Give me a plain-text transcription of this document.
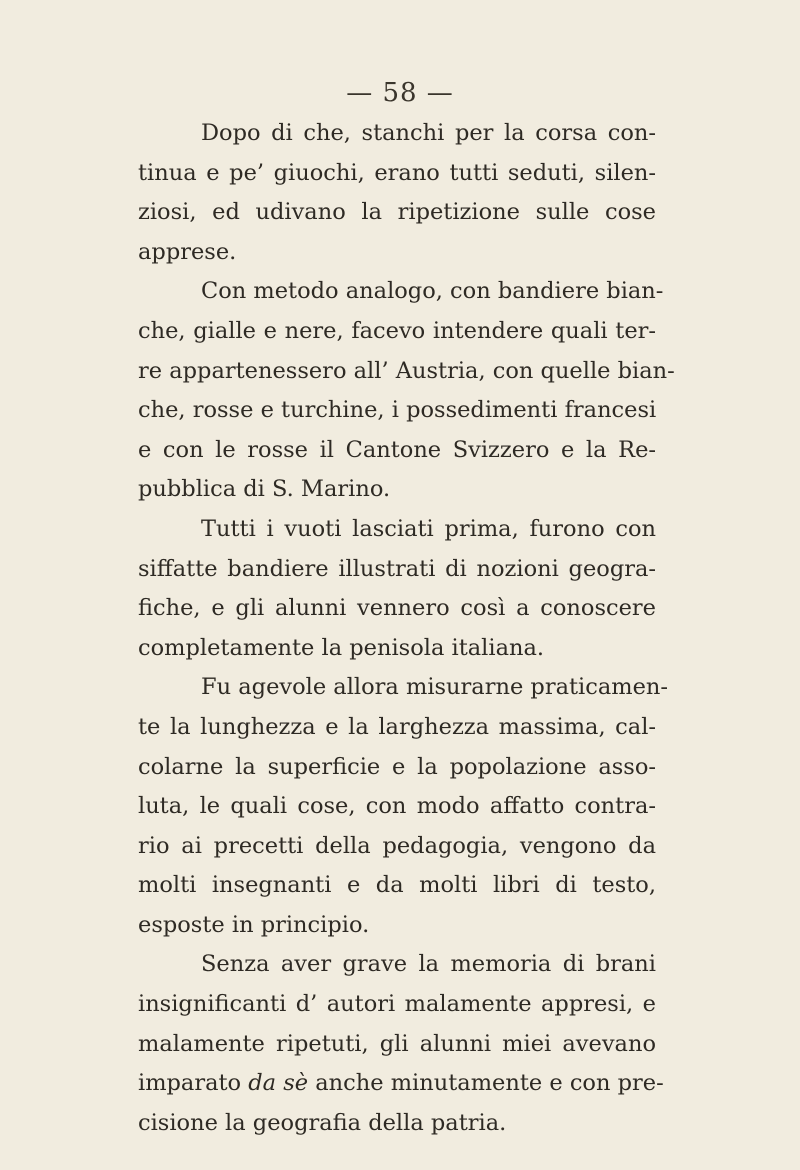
— 58 —
Dopo di che, stanchi per la corsa con-
tinua e pe’ giuochi, erano tutti seduti, silen-
ziosi, ed udivano la ripetizione sulle cose
apprese.
Con metodo analogo, con bandiere bian-
che, gialle e nere, facevo intendere quali ter-
re appartenessero all’ Austria, con quelle bian-
che, rosse e turchine, i possedimenti francesi
e con le rosse il Cantone Svizzero e la Re-
pubblica di S. Marino.
Tutti i vuoti lasciati prima, furono con
siffatte bandiere illustrati di nozioni geogra-
fiche, e gli alunni vennero così a conoscere
completamente la penisola italiana.
Fu agevole allora misurarne praticamen-
te la lunghezza e la larghezza massima, cal-
colarne la superficie e la popolazione asso-
luta, le quali cose, con modo affatto contra-
rio ai precetti della pedagogia, vengono da
molti insegnanti e da molti libri di testo,
esposte in principio.
Senza aver grave la memoria di brani
insignificanti d’ autori malamente appresi, e
malamente ripetuti, gli alunni miei avevano
imparato da sè anche minutamente e con pre-
cisione la geografia della patria.
